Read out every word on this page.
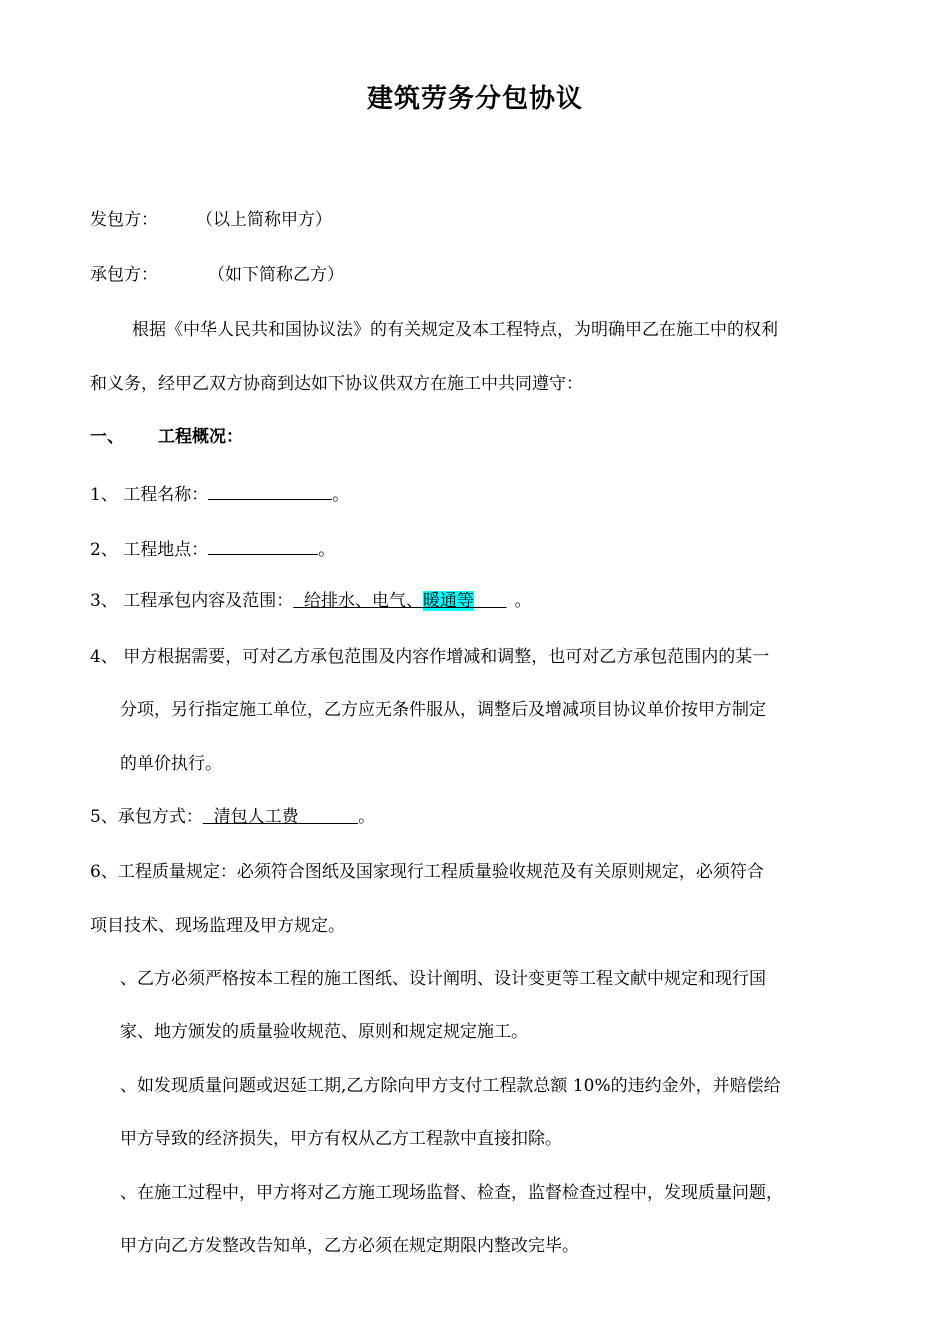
建筑劳务分包协议
发包方： （以上简称甲方）
承包方：	（如下简称乙方）
根据《中华人民共和国协议法》的有关规定及本工程特点，为明确甲乙在施工中的权利
和义务，经甲乙双方协商到达如下协议供双方在施工中共同遵守：
一、 工程概况：
1、 工程名称：	。
2、 工程地点：	。
3、 工程承包内容及范围： 给排水、电气、暖通等 。
4、 甲方根据需要，可对乙方承包范围及内容作增减和调整，也可对乙方承包范围内的某一
分项，另行指定施工单位，乙方应无条件服从，调整后及增减项目协议单价按甲方制定
的单价执行。
5、承包方式： 清包人工费	。
6、工程质量规定：必须符合图纸及国家现行工程质量验收规范及有关原则规定，必须符合
项目技术、现场监理及甲方规定。
、乙方必须严格按本工程的施工图纸、设计阐明、设计变更等工程文献中规定和现行国
家、地方颁发的质量验收规范、原则和规定规定施工。
、如发现质量问题或迟延工期,乙方除向甲方支付工程款总额 10%的违约金外，并赔偿给
甲方导致的经济损失，甲方有权从乙方工程款中直接扣除。
、在施工过程中，甲方将对乙方施工现场监督、检查，监督检查过程中，发现质量问题，
甲方向乙方发整改告知单，乙方必须在规定期限内整改完毕。
